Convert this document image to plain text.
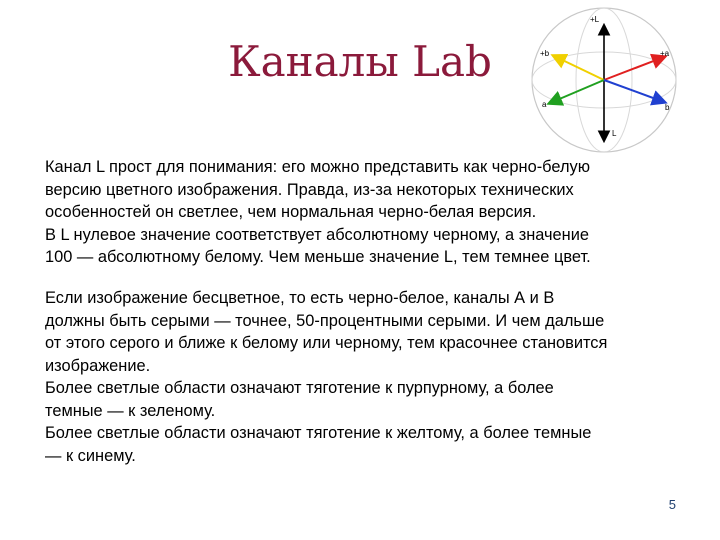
Каналы Lab
+L
+b	+a
a	b
L

Канал L прост для понимания: его можно представить как черно-белую
версию цветного изображения. Правда, из-за некоторых технических
особенностей он светлее, чем нормальная черно-белая версия.
В L нулевое значение соответствует абсолютному черному, а значение
100 — абсолютному белому. Чем меньше значение L, тем темнее цвет.

Если изображение бесцветное, то есть черно-белое, каналы А и В
должны быть серыми — точнее, 50-процентными серыми. И чем дальше
от этого серого и ближе к белому или черному, тем красочнее становится
изображение.
Более светлые области означают тяготение к пурпурному, а более
темные — к зеленому.
Более светлые области означают тяготение к желтому, а более темные
— к синему.

5
